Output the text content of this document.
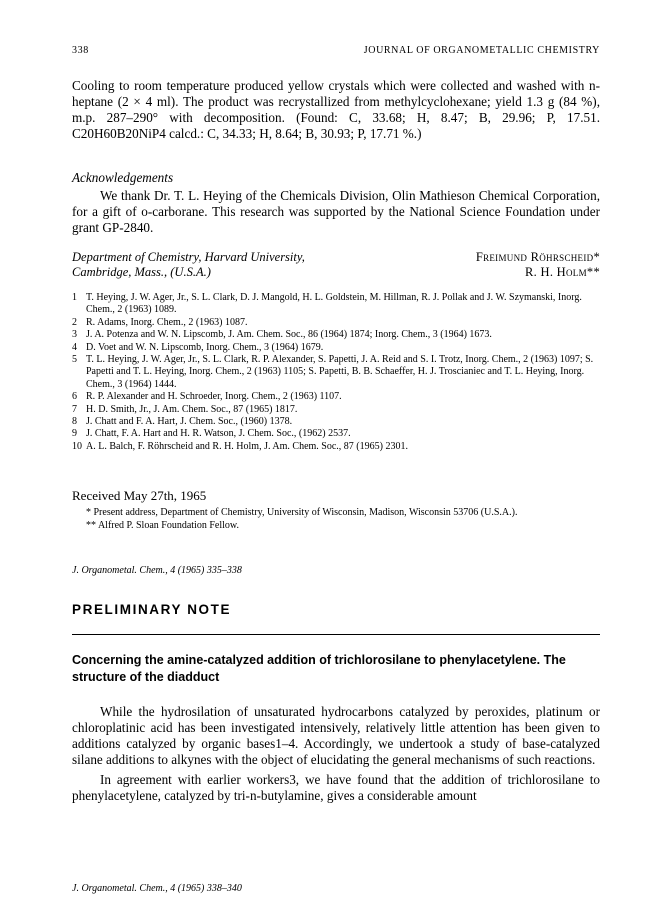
338	JOURNAL OF ORGANOMETALLIC CHEMISTRY
Cooling to room temperature produced yellow crystals which were collected and washed with n-heptane (2 × 4 ml). The product was recrystallized from methylcyclohexane; yield 1.3 g (84 %), m.p. 287–290° with decomposition. (Found: C, 33.68; H, 8.47; B, 29.96; P, 17.51. C20H60B20NiP4 calcd.: C, 34.33; H, 8.64; B, 30.93; P, 17.71 %.)
Acknowledgements
We thank Dr. T. L. Heying of the Chemicals Division, Olin Mathieson Chemical Corporation, for a gift of o-carborane. This research was supported by the National Science Foundation under grant GP-2840.
Department of Chemistry, Harvard University,	Freimund Röhrscheid*
Cambridge, Mass., (U.S.A.)	R. H. Holm**
1 T. Heying, J. W. Ager, Jr., S. L. Clark, D. J. Mangold, H. L. Goldstein, M. Hillman, R. J. Pollak and J. W. Szymanski, Inorg. Chem., 2 (1963) 1089.
2 R. Adams, Inorg. Chem., 2 (1963) 1087.
3 J. A. Potenza and W. N. Lipscomb, J. Am. Chem. Soc., 86 (1964) 1874; Inorg. Chem., 3 (1964) 1673.
4 D. Voet and W. N. Lipscomb, Inorg. Chem., 3 (1964) 1679.
5 T. L. Heying, J. W. Ager, Jr., S. L. Clark, R. P. Alexander, S. Papetti, J. A. Reid and S. I. Trotz, Inorg. Chem., 2 (1963) 1097; S. Papetti and T. L. Heying, Inorg. Chem., 2 (1963) 1105; S. Papetti, B. B. Schaeffer, H. J. Troscianiec and T. L. Heying, Inorg. Chem., 3 (1964) 1444.
6 R. P. Alexander and H. Schroeder, Inorg. Chem., 2 (1963) 1107.
7 H. D. Smith, Jr., J. Am. Chem. Soc., 87 (1965) 1817.
8 J. Chatt and F. A. Hart, J. Chem. Soc., (1960) 1378.
9 J. Chatt, F. A. Hart and H. R. Watson, J. Chem. Soc., (1962) 2537.
10 A. L. Balch, F. Röhrscheid and R. H. Holm, J. Am. Chem. Soc., 87 (1965) 2301.
Received May 27th, 1965
* Present address, Department of Chemistry, University of Wisconsin, Madison, Wisconsin 53706 (U.S.A.).
** Alfred P. Sloan Foundation Fellow.
J. Organometal. Chem., 4 (1965) 335–338
PRELIMINARY NOTE
Concerning the amine-catalyzed addition of trichlorosilane to phenylacetylene. The structure of the diadduct
While the hydrosilation of unsaturated hydrocarbons catalyzed by peroxides, platinum or chloroplatinic acid has been investigated intensively, relatively little attention has been given to additions catalyzed by organic bases1–4. Accordingly, we undertook a study of base-catalyzed silane additions to alkynes with the object of elucidating the general mechanisms of such reactions.
In agreement with earlier workers3, we have found that the addition of trichlorosilane to phenylacetylene, catalyzed by tri-n-butylamine, gives a considerable amount
J. Organometal. Chem., 4 (1965) 338–340
